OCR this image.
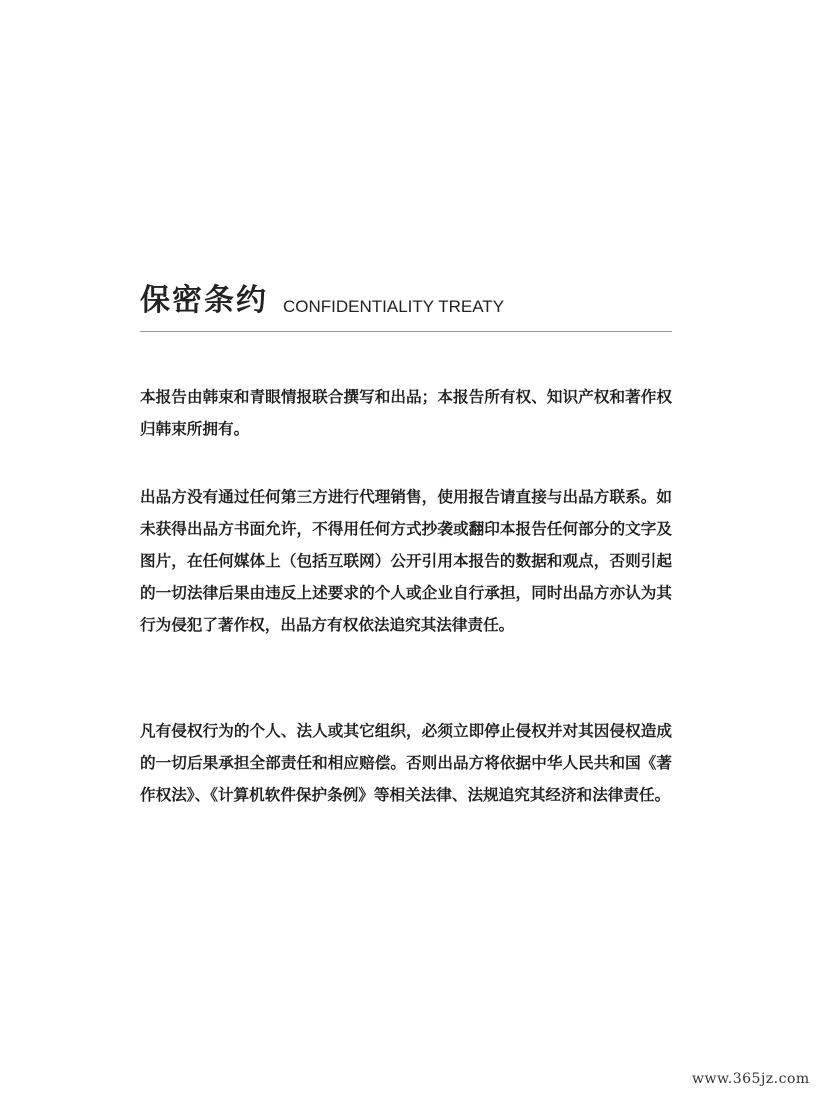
保密条约 CONFIDENTIALITY TREATY

本报告由韩束和青眼情报联合撰写和出品；本报告所有权、知识产权和著作权归韩束所拥有。

出品方没有通过任何第三方进行代理销售，使用报告请直接与出品方联系。如未获得出品方书面允许，不得用任何方式抄袭或翻印本报告任何部分的文字及图片，在任何媒体上（包括互联网）公开引用本报告的数据和观点，否则引起的一切法律后果由违反上述要求的个人或企业自行承担，同时出品方亦认为其行为侵犯了著作权，出品方有权依法追究其法律责任。

凡有侵权行为的个人、法人或其它组织，必须立即停止侵权并对其因侵权造成的一切后果承担全部责任和相应赔偿。否则出品方将依据中华人民共和国《著作权法》、《计算机软件保护条例》等相关法律、法规追究其经济和法律责任。

www.365jz.com
